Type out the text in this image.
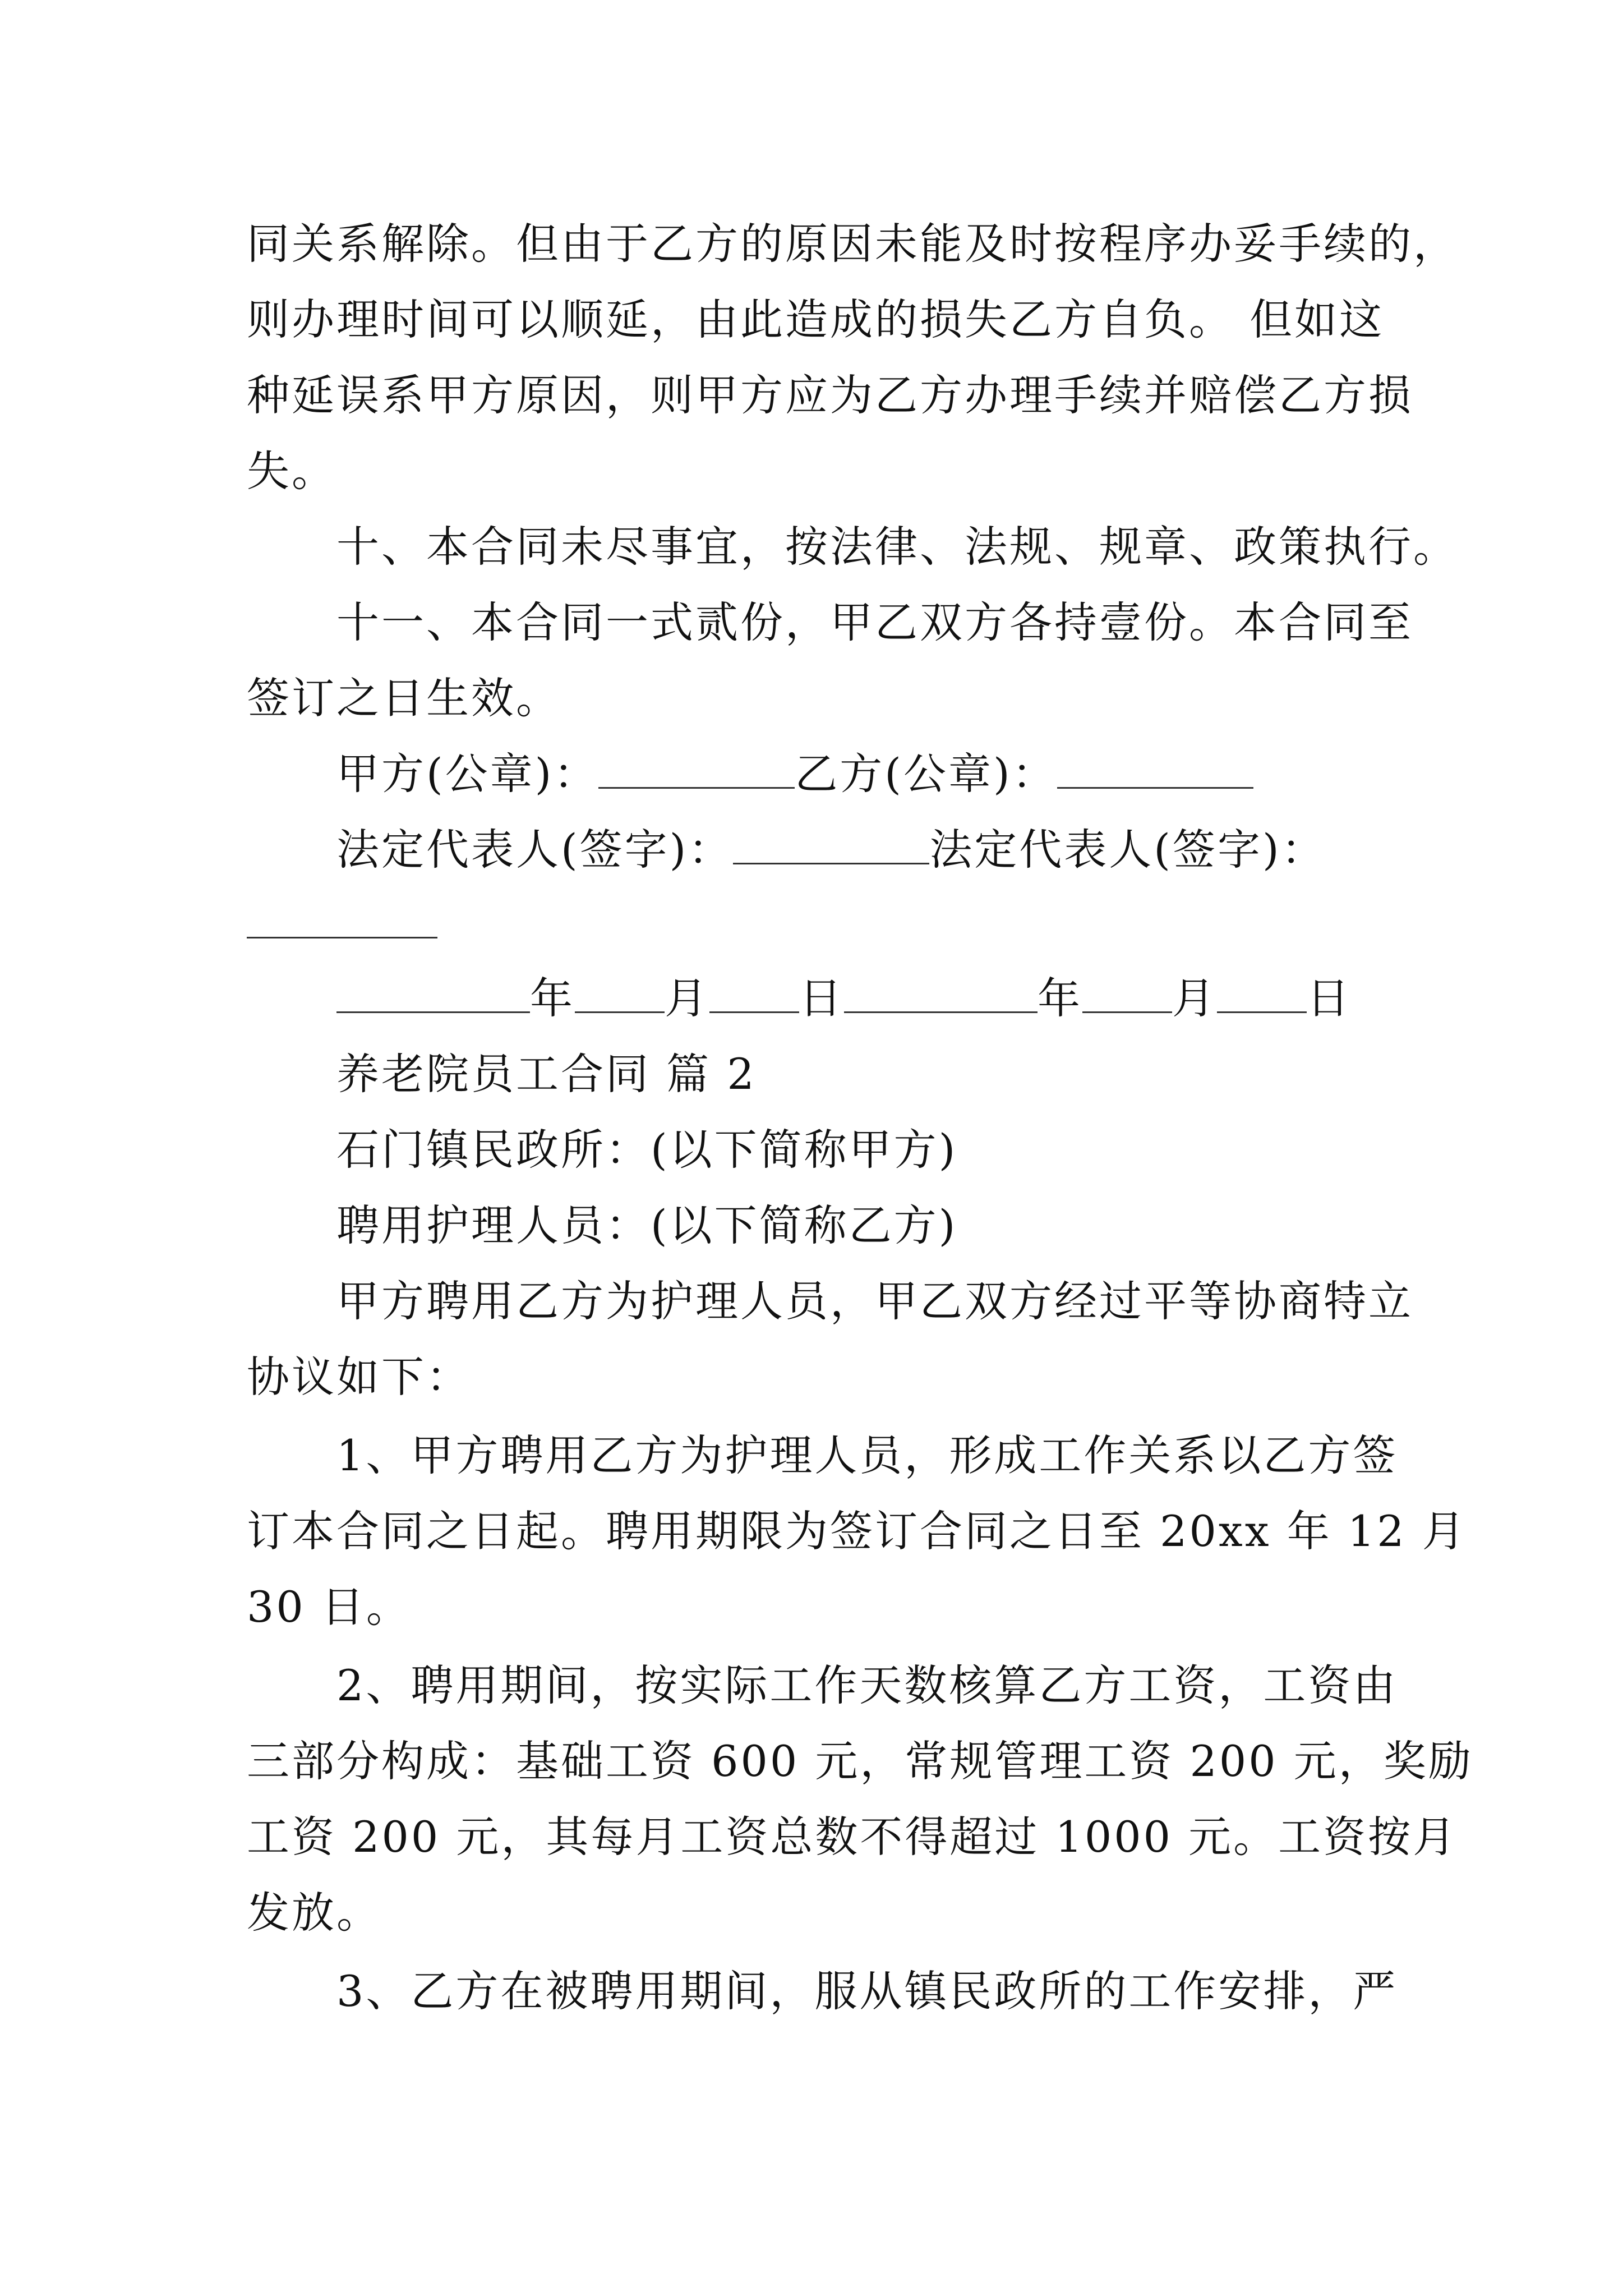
同关系解除。但由于乙方的原因未能及时按程序办妥手续的，
则办理时间可以顺延，由此造成的损失乙方自负。 但如这
种延误系甲方原因，则甲方应为乙方办理手续并赔偿乙方损
失。
十、本合同未尽事宜，按法律、法规、规章、政策执行。
十一、本合同一式贰份，甲乙双方各持壹份。本合同至
签订之日生效。
甲方(公章)：	乙方(公章)：
法定代表人(签字)：	法定代表人(签字)：
年 月 日	年 月 日
养老院员工合同 篇 2
石门镇民政所：(以下简称甲方)
聘用护理人员：(以下简称乙方)
甲方聘用乙方为护理人员，甲乙双方经过平等协商特立
协议如下：
1、甲方聘用乙方为护理人员，形成工作关系以乙方签
订本合同之日起。聘用期限为签订合同之日至 20xx 年 12 月
30 日。
2、聘用期间，按实际工作天数核算乙方工资，工资由
三部分构成：基础工资 600 元，常规管理工资 200 元，奖励
工资 200 元，其每月工资总数不得超过 1000 元。工资按月
发放。
3、乙方在被聘用期间，服从镇民政所的工作安排，严
